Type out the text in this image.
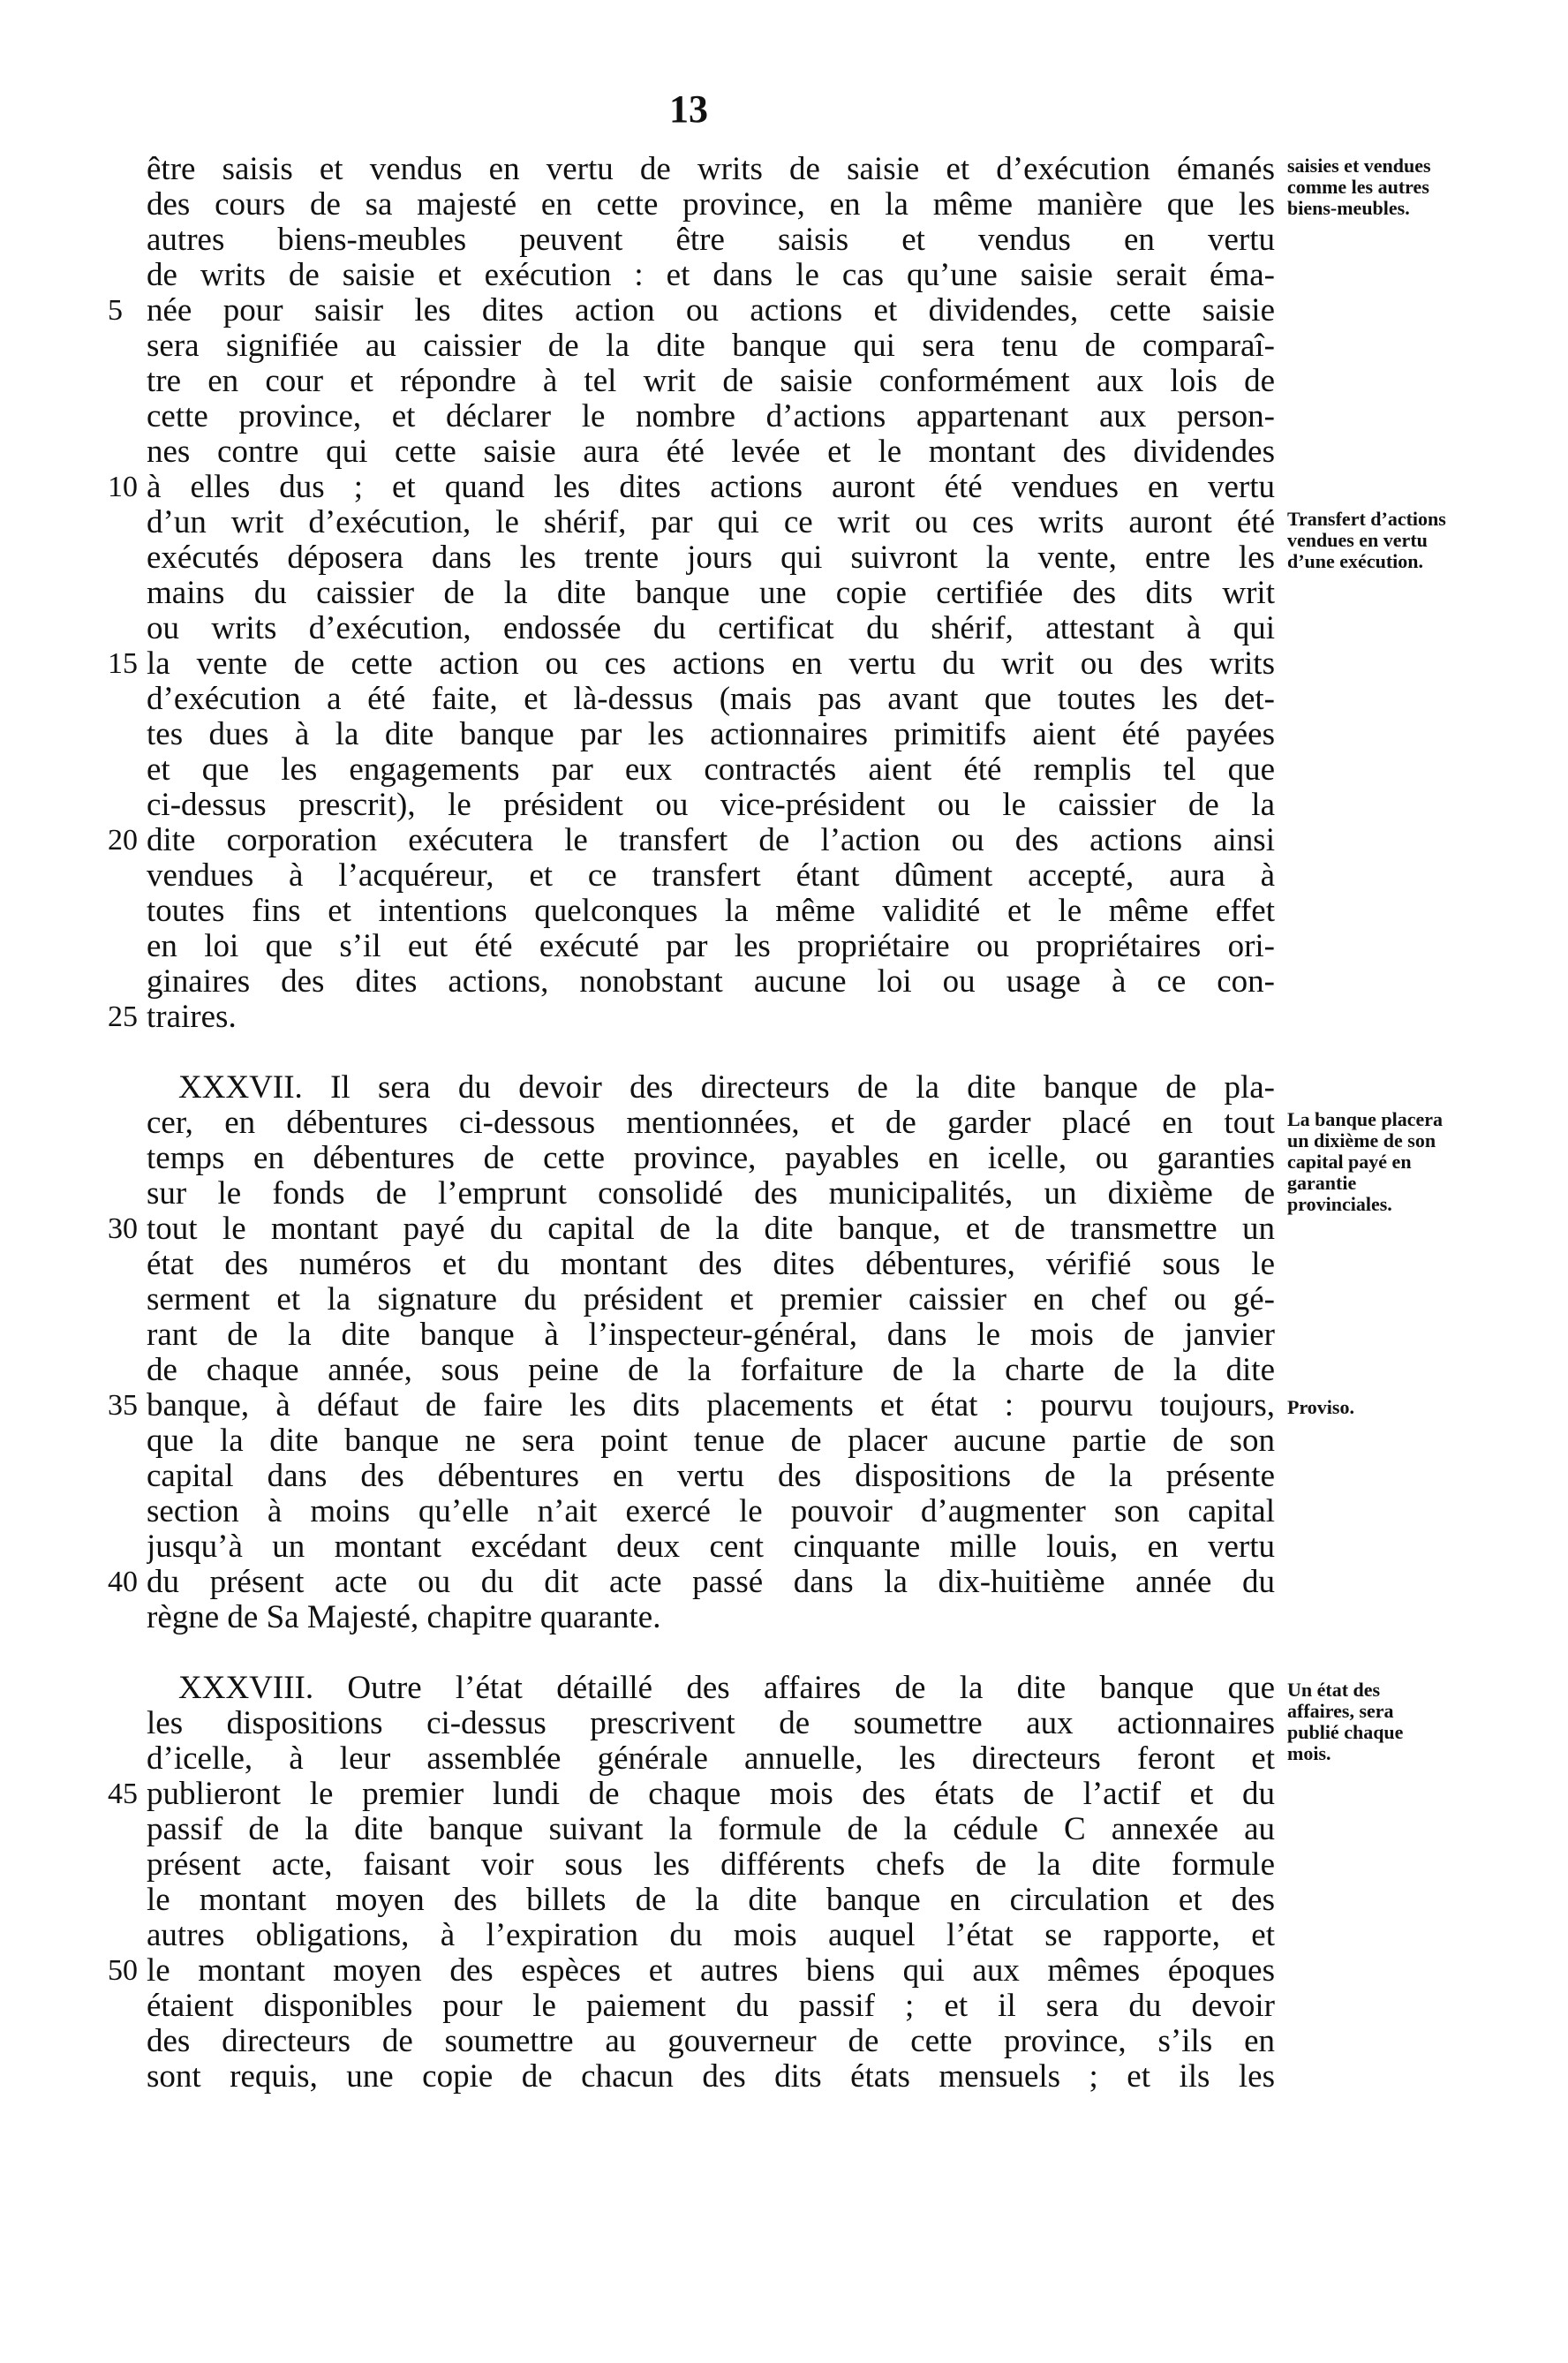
13
être saisis et vendus en vertu de writs de saisie et d’exécution émanés
des cours de sa majesté en cette province, en la même manière que les
autres biens-meubles peuvent être saisis et vendus en vertu
de writs de saisie et exécution : et dans le cas qu’une saisie serait éma-
née pour saisir les dites action ou actions et dividendes, cette saisie
sera signifiée au caissier de la dite banque qui sera tenu de comparaî-
tre en cour et répondre à tel writ de saisie conformément aux lois de
cette province, et déclarer le nombre d’actions appartenant aux person-
nes contre qui cette saisie aura été levée et le montant des dividendes
à elles dus ; et quand les dites actions auront été vendues en vertu
d’un writ d’exécution, le shérif, par qui ce writ ou ces writs auront été
exécutés déposera dans les trente jours qui suivront la vente, entre les
mains du caissier de la dite banque une copie certifiée des dits writ
ou writs d’exécution, endossée du certificat du shérif, attestant à qui
la vente de cette action ou ces actions en vertu du writ ou des writs
d’exécution a été faite, et là-dessus (mais pas avant que toutes les det-
tes dues à la dite banque par les actionnaires primitifs aient été payées
et que les engagements par eux contractés aient été remplis tel que
ci-dessus prescrit), le président ou vice-président ou le caissier de la
dite corporation exécutera le transfert de l’action ou des actions ainsi
vendues à l’acquéreur, et ce transfert étant dûment accepté, aura à
toutes fins et intentions quelconques la même validité et le même effet
en loi que s’il eut été exécuté par les propriétaire ou propriétaires ori-
ginaires des dites actions, nonobstant aucune loi ou usage à ce con-
traires.
XXXVII. Il sera du devoir des directeurs de la dite banque de pla-
cer, en débentures ci-dessous mentionnées, et de garder placé en tout
temps en débentures de cette province, payables en icelle, ou garanties
sur le fonds de l’emprunt consolidé des municipalités, un dixième de
tout le montant payé du capital de la dite banque, et de transmettre un
état des numéros et du montant des dites débentures, vérifié sous le
serment et la signature du président et premier caissier en chef ou gé-
rant de la dite banque à l’inspecteur-général, dans le mois de janvier
de chaque année, sous peine de la forfaiture de la charte de la dite
banque, à défaut de faire les dits placements et état : pourvu toujours,
que la dite banque ne sera point tenue de placer aucune partie de son
capital dans des débentures en vertu des dispositions de la présente
section à moins qu’elle n’ait exercé le pouvoir d’augmenter son capital
jusqu’à un montant excédant deux cent cinquante mille louis, en vertu
du présent acte ou du dit acte passé dans la dix-huitième année du
règne de Sa Majesté, chapitre quarante.
XXXVIII. Outre l’état détaillé des affaires de la dite banque que
les dispositions ci-dessus prescrivent de soumettre aux actionnaires
d’icelle, à leur assemblée générale annuelle, les directeurs feront et
publieront le premier lundi de chaque mois des états de l’actif et du
passif de la dite banque suivant la formule de la cédule C annexée au
présent acte, faisant voir sous les différents chefs de la dite formule
le montant moyen des billets de la dite banque en circulation et des
autres obligations, à l’expiration du mois auquel l’état se rapporte, et
le montant moyen des espèces et autres biens qui aux mêmes époques
étaient disponibles pour le paiement du passif ; et il sera du devoir
des directeurs de soumettre au gouverneur de cette province, s’ils en
sont requis, une copie de chacun des dits états mensuels ; et ils les
5
10
15
20
25
30
35
40
45
50
saisies et vendues comme les autres biens-meubles.
Transfert d’actions vendues en vertu d’une exécution.
La banque placera un dixième de son capital payé en garantie provinciales.
Proviso.
Un état des affaires, sera publié chaque mois.
